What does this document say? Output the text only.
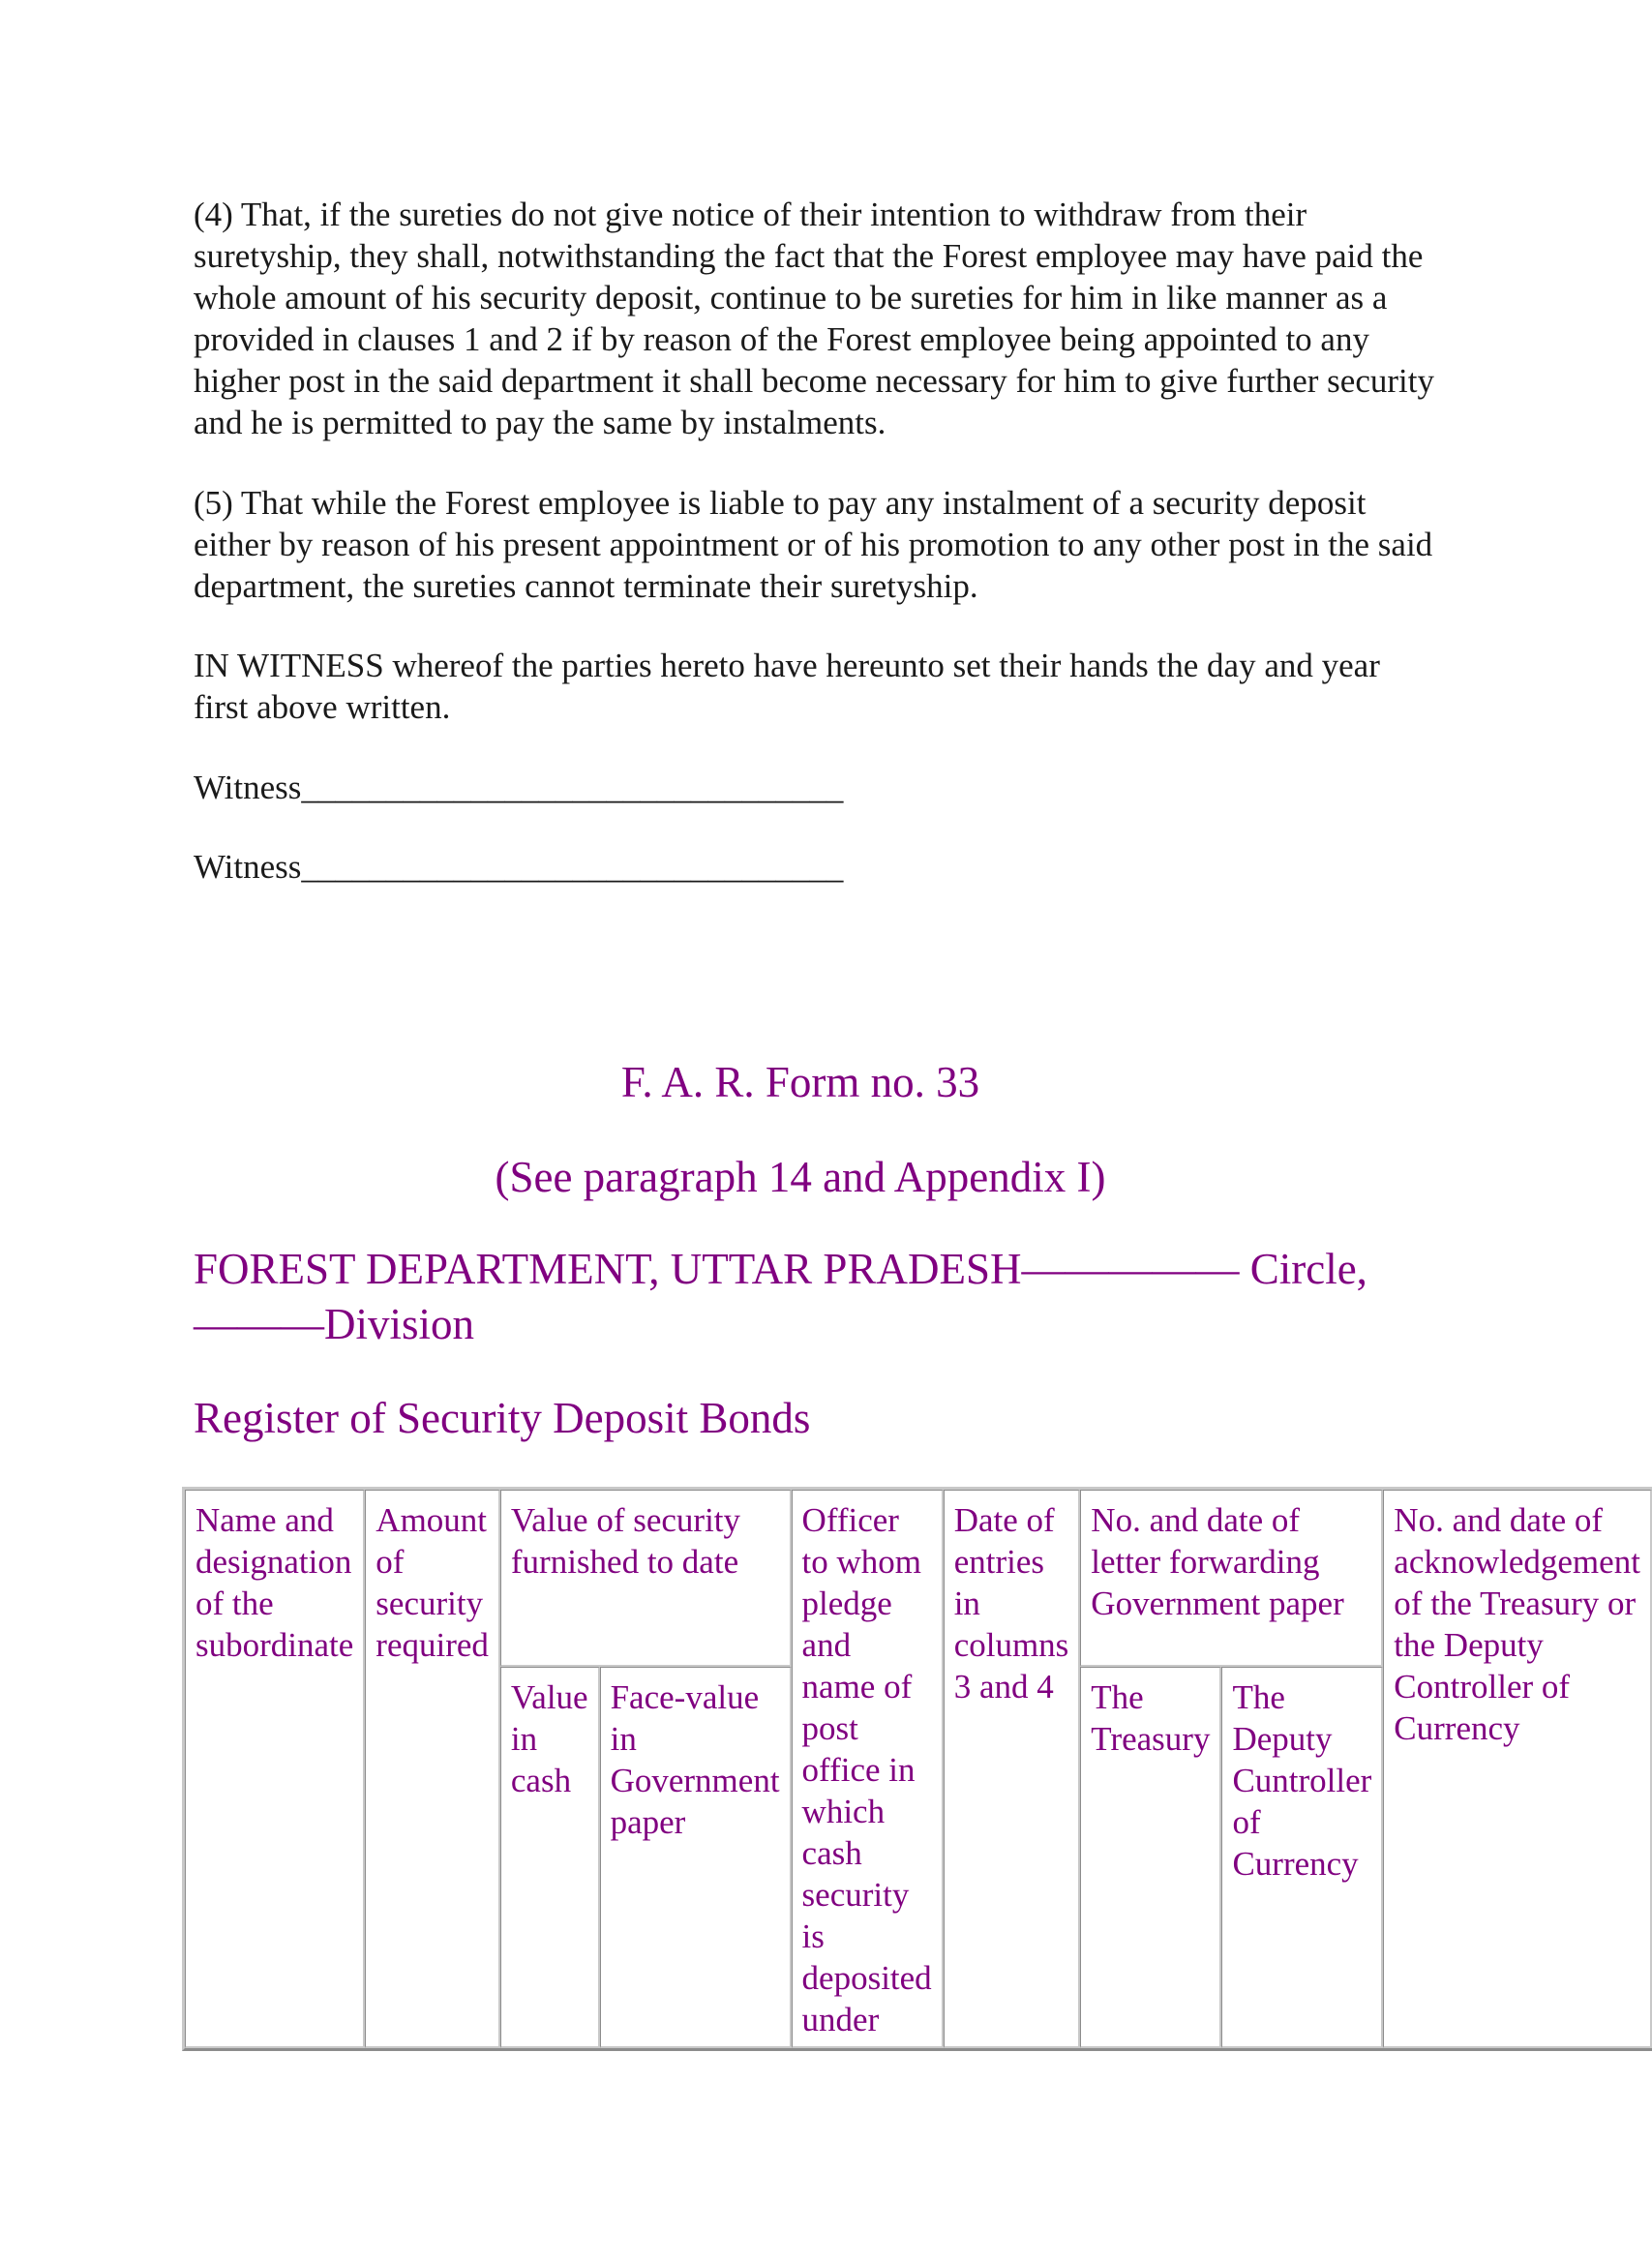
(4) That, if the sureties do not give notice of their intention to withdraw from their suretyship, they shall, notwithstanding the fact that the Forest employee may have paid the whole amount of his security deposit, continue to be sureties for him in like manner as a provided in clauses 1 and 2 if by reason of the Forest employee being appointed to any higher post in the said department it shall become necessary for him to give further security and he is permitted to pay the same by instalments.

(5) That while the Forest employee is liable to pay any instalment of a security deposit either by reason of his present appointment or of his promotion to any other post in the said department, the sureties cannot terminate their suretyship.

IN WITNESS whereof the parties hereto have hereunto set their hands the day and year first above written.

Witness________________________________

Witness________________________________

F. A. R. Form no. 33
(See paragraph 14 and Appendix I)
FOREST DEPARTMENT, UTTAR PRADESH————— Circle, ———Division
Register of Security Deposit Bonds
Name and designation of the subordinate	Amount of security required	Value of security furnished to date		Officer to whom pledge and name of post office in which cash security is deposited under	Date of entries in columns 3 and 4	No. and date of letter forwarding Government paper		No. and date of acknowledgement of the Treasury or the Deputy Controller of Currency
		Value in cash	Face-value in Government paper			The Treasury	The Deputy Cuntroller of Currency	
